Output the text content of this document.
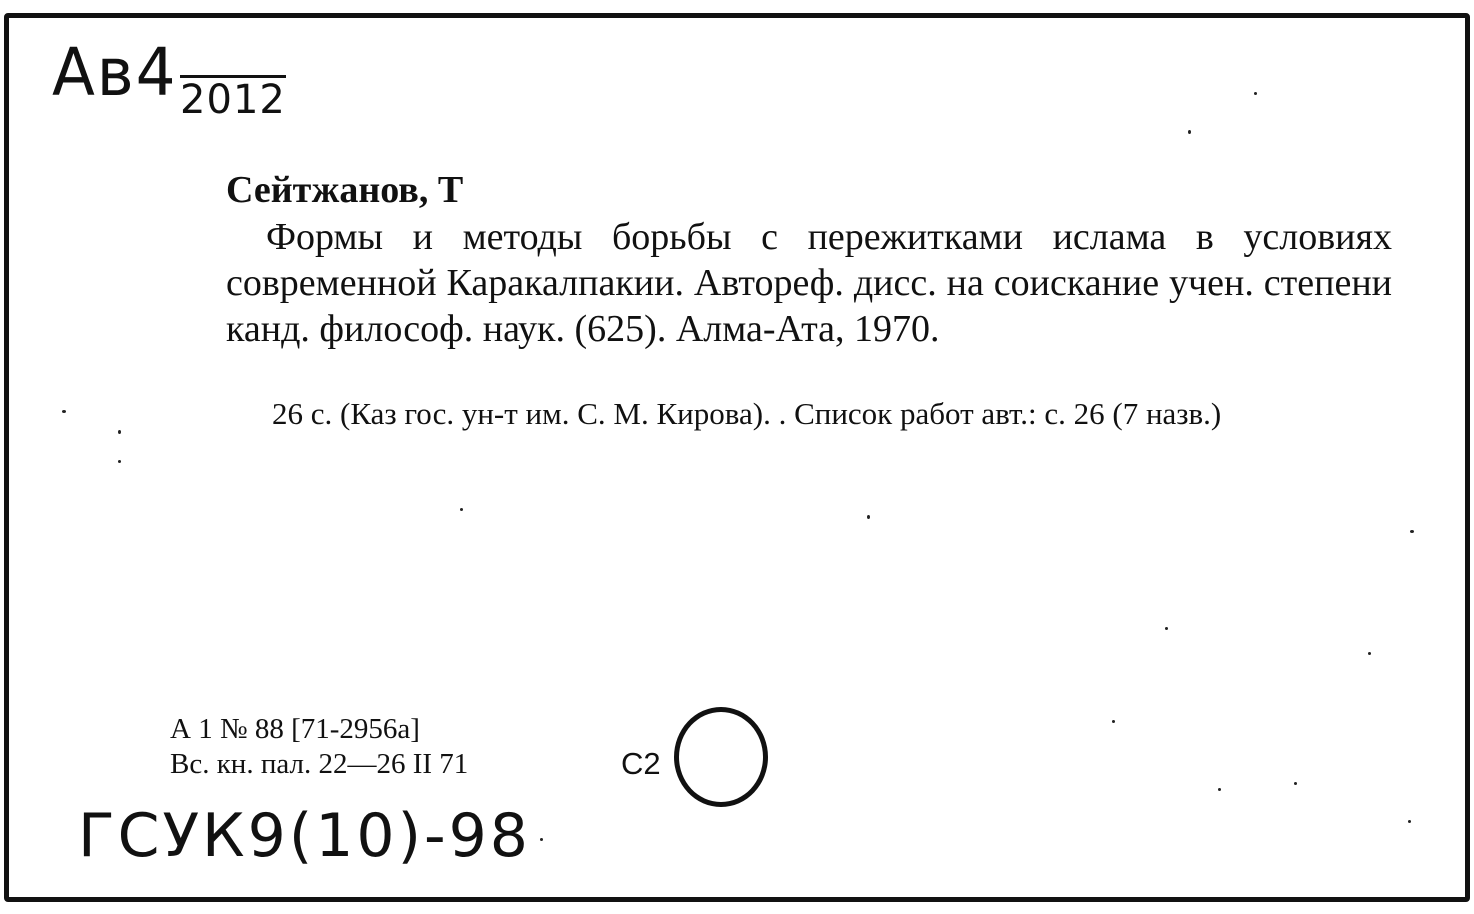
Ав42012
Сейтжанов, Т

Формы и методы борьбы с пережитками ислама в условиях современной Каракалпакии. Автореф. дисс. на соискание учен. степени канд. философ. наук. (625). Алма-Ата, 1970.

26 с. (Каз гос. ун-т им. С. М. Кирова). . Список работ авт.: с. 26 (7 назв.)

А 1 № 88 [71-2956а]
Вс. кн. пал. 22—26 II 71	С2
ГСУК9(10)-98
